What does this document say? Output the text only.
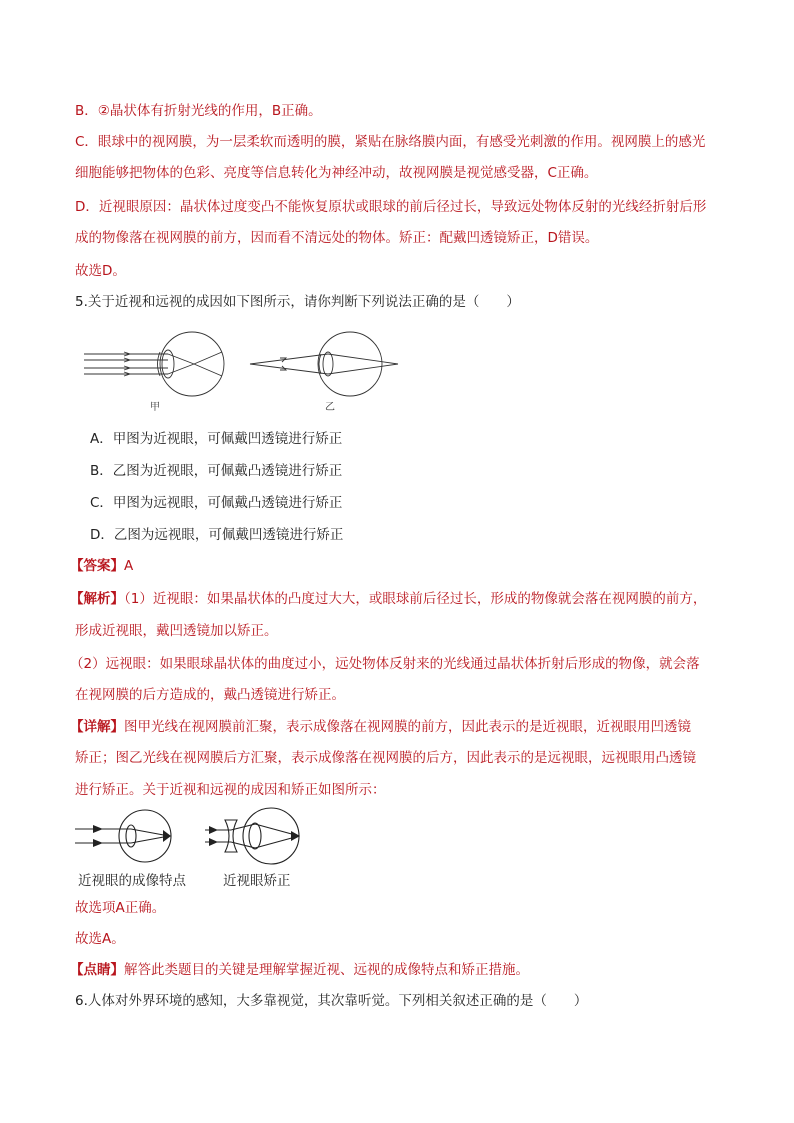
B．②晶状体有折射光线的作用，B正确。
C．眼球中的视网膜，为一层柔软而透明的膜，紧贴在脉络膜内面，有感受光刺激的作用。视网膜上的感光
细胞能够把物体的色彩、亮度等信息转化为神经冲动，故视网膜是视觉感受器，C正确。
D．近视眼原因：晶状体过度变凸不能恢复原状或眼球的前后径过长，导致远处物体反射的光线经折射后形
成的物像落在视网膜的前方，因而看不清远处的物体。矫正：配戴凹透镜矫正，D错误。
故选D。
5.关于近视和远视的成因如下图所示，请你判断下列说法正确的是（　　）
甲	乙
A．甲图为近视眼，可佩戴凹透镜进行矫正
B．乙图为近视眼，可佩戴凸透镜进行矫正
C．甲图为远视眼，可佩戴凸透镜进行矫正
D．乙图为远视眼，可佩戴凹透镜进行矫正
【答案】A
【解析】（1）近视眼：如果晶状体的凸度过大大，或眼球前后径过长，形成的物像就会落在视网膜的前方，
形成近视眼，戴凹透镜加以矫正。
（2）远视眼：如果眼球晶状体的曲度过小，远处物体反射来的光线通过晶状体折射后形成的物像，就会落
在视网膜的后方造成的，戴凸透镜进行矫正。
【详解】图甲光线在视网膜前汇聚，表示成像落在视网膜的前方，因此表示的是近视眼，近视眼用凹透镜
矫正；图乙光线在视网膜后方汇聚，表示成像落在视网膜的后方，因此表示的是远视眼，远视眼用凸透镜
进行矫正。关于近视和远视的成因和矫正如图所示：
近视眼的成像特点	近视眼矫正
故选项A正确。
故选A。
【点睛】解答此类题目的关键是理解掌握近视、远视的成像特点和矫正措施。
6.人体对外界环境的感知，大多靠视觉，其次靠听觉。下列相关叙述正确的是（　　）
